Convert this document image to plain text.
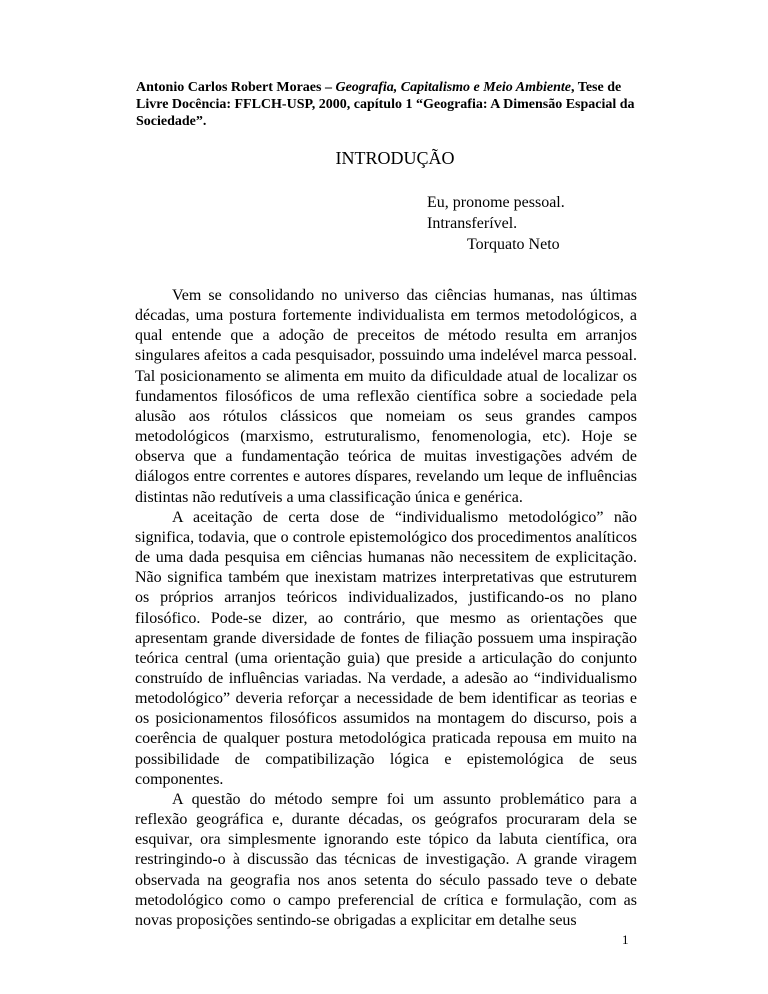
Antonio Carlos Robert Moraes – Geografia, Capitalismo e Meio Ambiente, Tese de Livre Docência: FFLCH-USP, 2000, capítulo 1 “Geografia: A Dimensão Espacial da Sociedade”.
INTRODUÇÃO
Eu, pronome pessoal.
Intransferível.
Torquato Neto

Vem se consolidando no universo das ciências humanas, nas últimas décadas, uma postura fortemente individualista em termos metodológicos, a qual entende que a adoção de preceitos de método resulta em arranjos singulares afeitos a cada pesquisador, possuindo uma indelével marca pessoal. Tal posicionamento se alimenta em muito da dificuldade atual de localizar os fundamentos filosóficos de uma reflexão científica sobre a sociedade pela alusão aos rótulos clássicos que nomeiam os seus grandes campos metodológicos (marxismo, estruturalismo, fenomenologia, etc). Hoje se observa que a fundamentação teórica de muitas investigações advém de diálogos entre correntes e autores díspares, revelando um leque de influências distintas não redutíveis a uma classificação única e genérica.

A aceitação de certa dose de “individualismo metodológico” não significa, todavia, que o controle epistemológico dos procedimentos analíticos de uma dada pesquisa em ciências humanas não necessitem de explicitação. Não significa também que inexistam matrizes interpretativas que estruturem os próprios arranjos teóricos individualizados, justificando-os no plano filosófico. Pode-se dizer, ao contrário, que mesmo as orientações que apresentam grande diversidade de fontes de filiação possuem uma inspiração teórica central (uma orientação guia) que preside a articulação do conjunto construído de influências variadas. Na verdade, a adesão ao “individualismo metodológico” deveria reforçar a necessidade de bem identificar as teorias e os posicionamentos filosóficos assumidos na montagem do discurso, pois a coerência de qualquer postura metodológica praticada repousa em muito na possibilidade de compatibilização lógica e epistemológica de seus componentes.

A questão do método sempre foi um assunto problemático para a reflexão geográfica e, durante décadas, os geógrafos procuraram dela se esquivar, ora simplesmente ignorando este tópico da labuta científica, ora restringindo-o à discussão das técnicas de investigação. A grande viragem observada na geografia nos anos setenta do século passado teve o debate metodológico como o campo preferencial de crítica e formulação, com as novas proposições sentindo-se obrigadas a explicitar em detalhe seus

1
